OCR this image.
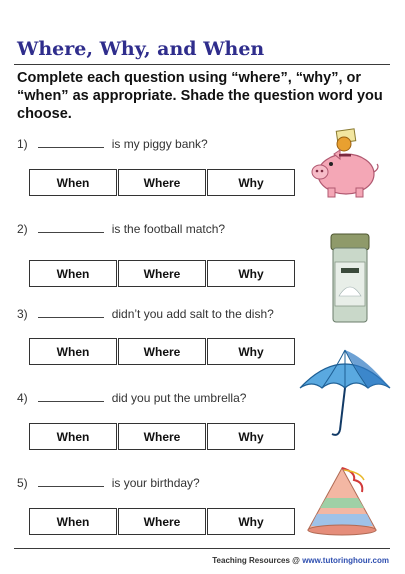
Where, Why, and When
Complete each question using “where”, “why”, or “when” as appropriate. Shade the question word you choose.
1)	is my piggy bank?
When	Where	Why
2)	is the football match?
When	Where	Why
3)	didn’t you add salt to the dish?
When	Where	Why
4)	did you put the umbrella?
When	Where	Why
5)	is your birthday?
When	Where	Why
Teaching Resources @ www.tutoringhour.com
